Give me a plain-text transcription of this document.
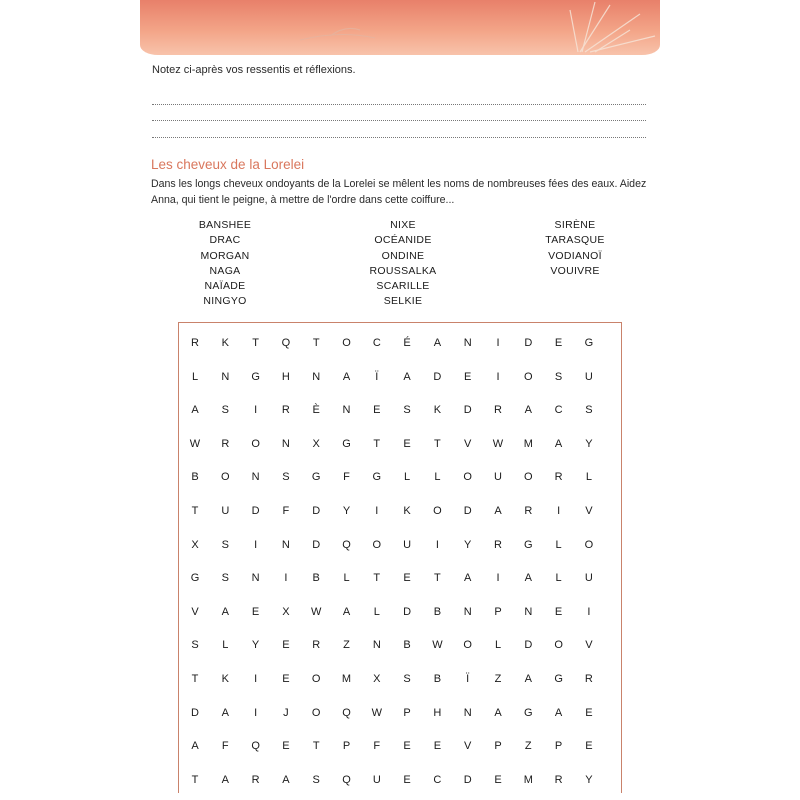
Notez ci-après vos ressentis et réflexions.
Les cheveux de la Lorelei
Dans les longs cheveux ondoyants de la Lorelei se mêlent les noms de nombreuses fées des eaux. Aidez Anna, qui tient le peigne, à mettre de l'ordre dans cette coiffure...
BANSHEE
DRAC
MORGAN
NAGA
NAÏADE
NINGYO
NIXE
OCÉANIDE
ONDINE
ROUSSALKA
SCARILLE
SELKIE
SIRÈNE
TARASQUE
VODIANOÏ
VOUIVRE
R	K	T	Q	T	O	C	É	A	N	I	D	E	G
L	N	G	H	N	A	Ï	A	D	E	I	O	S	U
A	S	I	R	È	N	E	S	K	D	R	A	C	S
W	R	O	N	X	G	T	E	T	V	W	M	A	Y
B	O	N	S	G	F	G	L	L	O	U	O	R	L
T	U	D	F	D	Y	I	K	O	D	A	R	I	V
X	S	I	N	D	Q	O	U	I	Y	R	G	L	O
G	S	N	I	B	L	T	E	T	A	I	A	L	U
V	A	E	X	W	A	L	D	B	N	P	N	E	I
S	L	Y	E	R	Z	N	B	W	O	L	D	O	V
T	K	I	E	O	M	X	S	B	Ï	Z	A	G	R
D	A	I	J	O	Q	W	P	H	N	A	G	A	E
A	F	Q	E	T	P	F	E	E	V	P	Z	P	E
T	A	R	A	S	Q	U	E	C	D	E	M	R	Y
